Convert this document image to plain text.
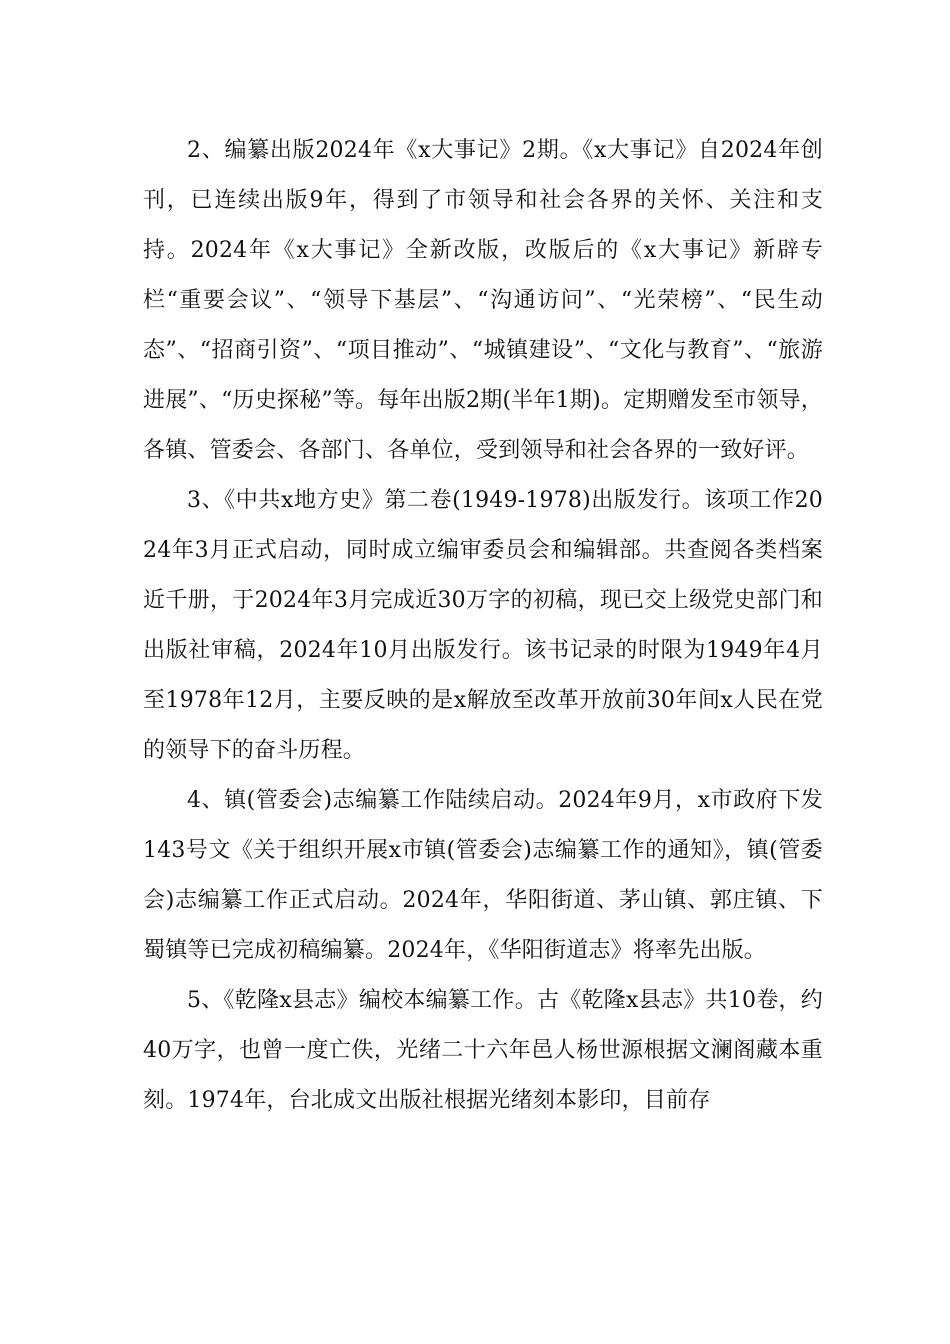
2、编纂出版2024年《x大事记》2期。《x大事记》自2024年创刊，已连续出版9年，得到了市领导和社会各界的关怀、关注和支持。2024年《x大事记》全新改版，改版后的《x大事记》新辟专栏“重要会议”、“领导下基层”、“沟通访问”、“光荣榜”、“民生动态”、“招商引资”、“项目推动”、“城镇建设”、“文化与教育”、“旅游进展”、“历史探秘”等。每年出版2期(半年1期)。定期赠发至市领导，各镇、管委会、各部门、各单位，受到领导和社会各界的一致好评。

3、《中共x地方史》第二卷(1949-1978)出版发行。该项工作2024年3月正式启动，同时成立编审委员会和编辑部。共查阅各类档案近千册，于2024年3月完成近30万字的初稿，现已交上级党史部门和出版社审稿，2024年10月出版发行。该书记录的时限为1949年4月至1978年12月，主要反映的是x解放至改革开放前30年间x人民在党的领导下的奋斗历程。

4、镇(管委会)志编纂工作陆续启动。2024年9月，x市政府下发143号文《关于组织开展x市镇(管委会)志编纂工作的通知》，镇(管委会)志编纂工作正式启动。2024年，华阳街道、茅山镇、郭庄镇、下蜀镇等已完成初稿编纂。2024年，《华阳街道志》将率先出版。

5、《乾隆x县志》编校本编纂工作。古《乾隆x县志》共10卷，约40万字，也曾一度亡佚，光绪二十六年邑人杨世源根据文澜阁藏本重刻。1974年，台北成文出版社根据光绪刻本影印，目前存
